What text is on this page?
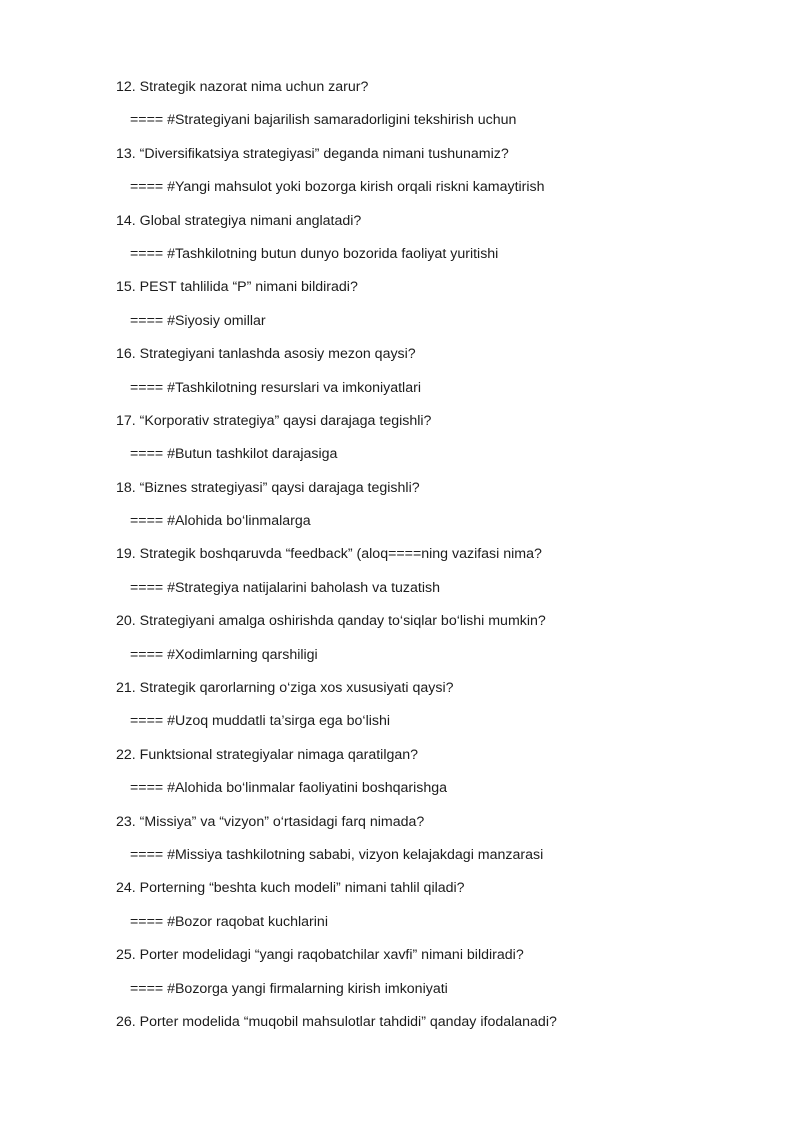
12. Strategik nazorat nima uchun zarur?
==== #Strategiyani bajarilish samaradorligini tekshirish uchun
13. “Diversifikatsiya strategiyasi” deganda nimani tushunamiz?
==== #Yangi mahsulot yoki bozorga kirish orqali riskni kamaytirish
14. Global strategiya nimani anglatadi?
==== #Tashkilotning butun dunyo bozorida faoliyat yuritishi
15. PEST tahlilida “P” nimani bildiradi?
==== #Siyosiy omillar
16. Strategiyani tanlashda asosiy mezon qaysi?
==== #Tashkilotning resurslari va imkoniyatlari
17. “Korporativ strategiya” qaysi darajaga tegishli?
==== #Butun tashkilot darajasiga
18. “Biznes strategiyasi” qaysi darajaga tegishli?
==== #Alohida bo‘linmalarga
19. Strategik boshqaruvda “feedback” (aloq====ning vazifasi nima?
==== #Strategiya natijalarini baholash va tuzatish
20. Strategiyani amalga oshirishda qanday to‘siqlar bo‘lishi mumkin?
==== #Xodimlarning qarshiligi
21. Strategik qarorlarning o‘ziga xos xususiyati qaysi?
==== #Uzoq muddatli ta’sirga ega bo‘lishi
22. Funktsional strategiyalar nimaga qaratilgan?
==== #Alohida bo‘linmalar faoliyatini boshqarishga
23. “Missiya” va “vizyon” o‘rtasidagi farq nimada?
==== #Missiya tashkilotning sababi, vizyon kelajakdagi manzarasi
24. Porterning “beshta kuch modeli” nimani tahlil qiladi?
==== #Bozor raqobat kuchlarini
25. Porter modelidagi “yangi raqobatchilar xavfi” nimani bildiradi?
==== #Bozorga yangi firmalarning kirish imkoniyati
26. Porter modelida “muqobil mahsulotlar tahdidi” qanday ifodalanadi?
